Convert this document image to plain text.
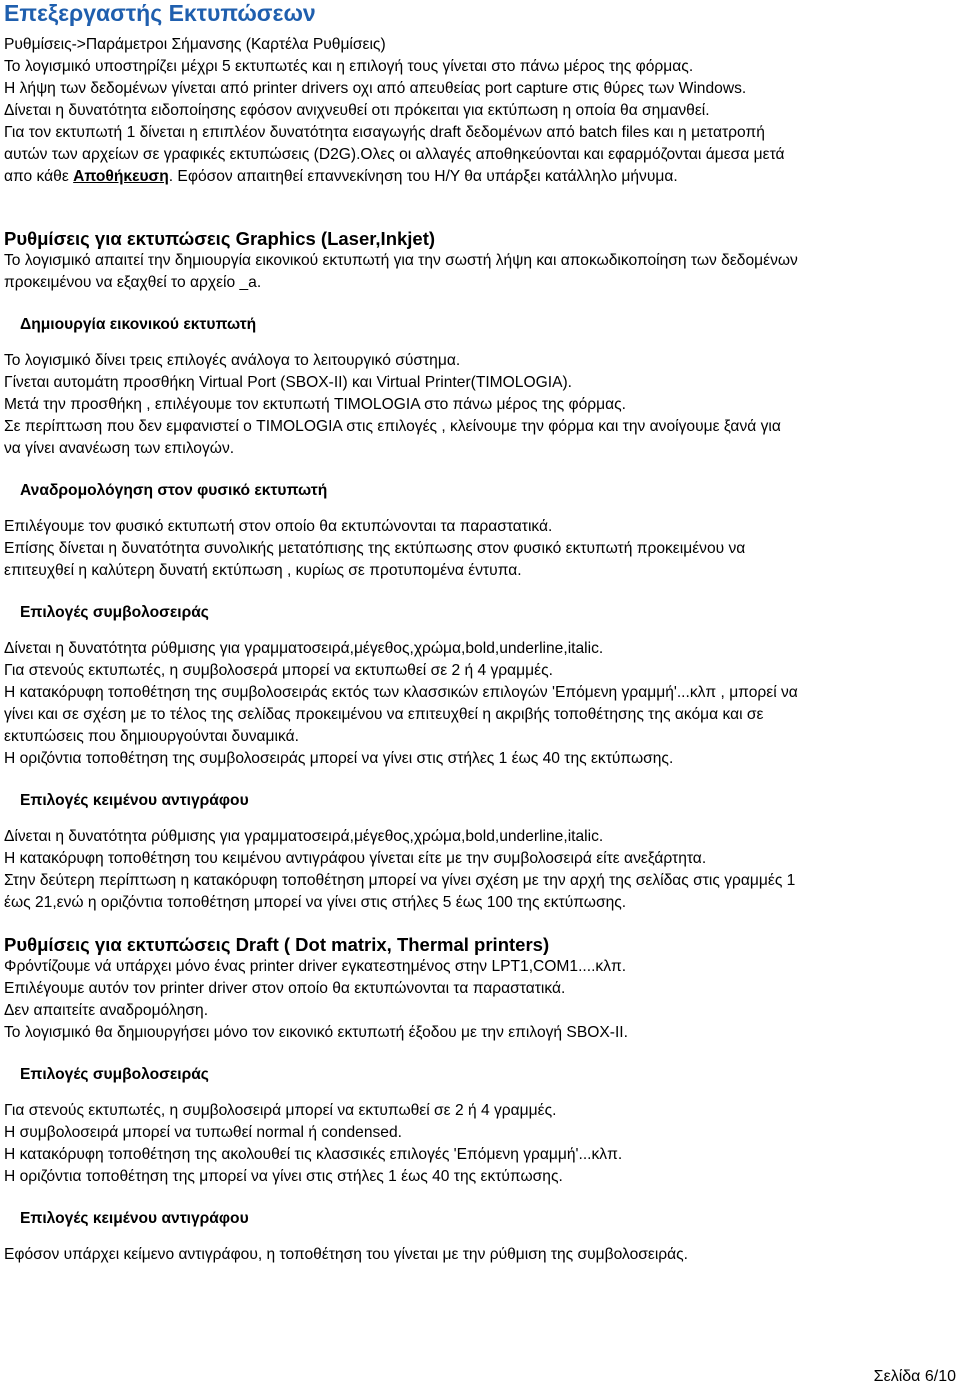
Επεξεργαστής Εκτυπώσεων

Ρυθμίσεις->Παράμετροι Σήμανσης (Καρτέλα Ρυθμίσεις)

Το λογισμικό υποστηρίζει μέχρι 5 εκτυπωτές και η επιλογή τους γίνεται στο πάνω μέρος της φόρμας.

Η λήψη των δεδομένων γίνεται από printer drivers οχι από απευθείας port capture στις θύρες των Windows.

Δίνεται η δυνατότητα ειδοποίησης εφόσον ανιχνευθεί οτι πρόκειται για εκτύπωση η οποία θα σημανθεί.

Για τον εκτυπωτή 1 δίνεται η επιπλέον δυνατότητα εισαγωγής draft δεδομένων από batch files και η μετατροπή

αυτών των αρχείων σε γραφικές εκτυπώσεις (D2G).Ολες οι αλλαγές αποθηκεύονται και εφαρμόζονται άμεσα μετά

απο κάθε Αποθήκευση. Εφόσον απαιτηθεί επαννεκίνηση του Η/Υ θα υπάρξει κατάλληλο μήνυμα.

Ρυθμίσεις για εκτυπώσεις Graphics (Laser,Inkjet)

Το λογισμικό απαιτεί την δημιουργία εικονικού εκτυπωτή για την σωστή λήψη και αποκωδικοποίηση των δεδομένων

προκειμένου να εξαχθεί το αρχείο _a.

Δημιουργία εικονικού εκτυπωτή

Το λογισμικό δίνει τρεις επιλογές ανάλογα το λειτουργικό σύστημα.

Γίνεται αυτομάτη προσθήκη Virtual Port (SBOX-II) και Virtual Printer(TIMOLOGIA).

Μετά την προσθήκη , επιλέγουμε τον εκτυπωτή TIMOLOGIA στο πάνω μέρος της φόρμας.

Σε περίπτωση που δεν εμφανιστεί ο TIMOLOGIA στις επιλογές , κλείνουμε την φόρμα και την ανοίγουμε ξανά για

να γίνει ανανέωση των επιλογών.

Αναδρομολόγηση στον φυσικό εκτυπωτή

Επιλέγουμε τον φυσικό εκτυπωτή στον οποίο θα εκτυπώνονται τα παραστατικά.

Επίσης δίνεται η δυνατότητα συνολικής μετατόπισης της εκτύπωσης στον φυσικό εκτυπωτή προκειμένου να

επιτευχθεί η καλύτερη δυνατή εκτύπωση , κυρίως σε προτυπομένα έντυπα.

Επιλογές συμβολοσειράς

Δίνεται η δυνατότητα ρύθμισης για γραμματοσειρά,μέγεθος,χρώμα,bold,underline,italic.

Για στενούς εκτυπωτές, η συμβολοσερά μπορεί να εκτυπωθεί σε 2 ή 4 γραμμές.

Η κατακόρυφη τοποθέτηση της συμβολοσειράς εκτός των κλασσικών επιλογών 'Επόμενη γραμμή'...κλπ , μπορεί να

γίνει και σε σχέση με το τέλος της σελίδας προκειμένου να επιτευχθεί η ακριβής τοποθέτησης της ακόμα και σε

εκτυπώσεις που δημιουργούνται δυναμικά.

Η οριζόντια τοποθέτηση της συμβολοσειράς μπορεί να γίνει στις στήλες 1 έως 40 της εκτύπωσης.

Επιλογές κειμένου αντιγράφου

Δίνεται η δυνατότητα ρύθμισης για γραμματοσειρά,μέγεθος,χρώμα,bold,underline,italic.

Η κατακόρυφη τοποθέτηση του κειμένου αντιγράφου γίνεται είτε με την συμβολοσειρά είτε ανεξάρτητα.

Στην δεύτερη περίπτωση η κατακόρυφη τοποθέτηση μπορεί να γίνει σχέση με την αρχή της σελίδας στις γραμμές 1

έως 21,ενώ η οριζόντια τοποθέτηση μπορεί να γίνει στις στήλες 5 έως 100 της εκτύπωσης.

Ρυθμίσεις για εκτυπώσεις Draft ( Dot matrix, Thermal printers)

Φρόντίζουμε νά υπάρχει μόνο ένας printer driver εγκατεστημένος στην LPT1,COM1....κλπ.

Επιλέγουμε αυτόν τον printer driver στον οποίο θα εκτυπώνονται τα παραστατικά.

Δεν απαιτείτε αναδρομόληση.

Το λογισμικό θα δημιουργήσει μόνο τον εικονικό εκτυπωτή έξοδου με την επιλογή SBOX-II.

Επιλογές συμβολοσειράς

Για στενούς εκτυπωτές, η συμβολοσειρά μπορεί να εκτυπωθεί σε 2 ή 4 γραμμές.

Η συμβολοσειρά μπορεί να τυπωθεί normal ή condensed.

Η κατακόρυφη τοποθέτηση της ακολουθεί τις κλασσικές επιλογές 'Επόμενη γραμμή'...κλπ.

Η οριζόντια τοποθέτηση της μπορεί να γίνει στις στήλες 1 έως 40 της εκτύπωσης.

Επιλογές κειμένου αντιγράφου

Εφόσον υπάρχει κείμενο αντιγράφου, η τοποθέτηση του γίνεται με την ρύθμιση της συμβολοσειράς.

Σελίδα 6/10
